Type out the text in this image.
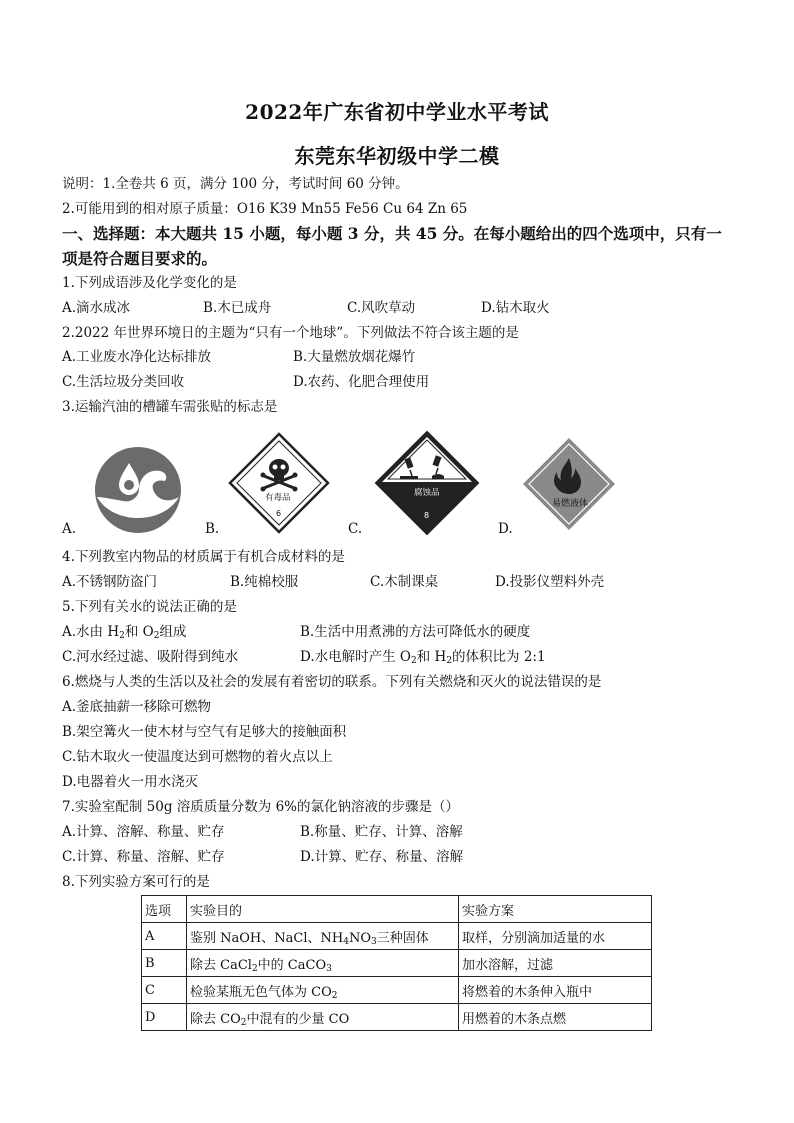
2022年广东省初中学业水平考试
东莞东华初级中学二模
说明：1.全卷共 6 页，满分 100 分，考试时间 60 分钟。
2.可能用到的相对原子质量：O16 K39 Mn55 Fe56 Cu 64 Zn 65
一、选择题：本大题共 15 小题，每小题 3 分，共 45 分。在每小题给出的四个选项中，只有一
项是符合题目要求的。
1.下列成语涉及化学变化的是
A.滴水成冰	B.木已成舟	C.风吹草动	D.钻木取火
2.2022 年世界环境日的主题为“只有一个地球”。下列做法不符合该主题的是
A.工业废水净化达标排放	B.大量燃放烟花爆竹
C.生活垃圾分类回收	D.农药、化肥合理使用
3.运输汽油的槽罐车需张贴的标志是
A.
有毒品
6
B.
腐蚀品
8
C.
易燃液体
D.
4.下列教室内物品的材质属于有机合成材料的是
A.不锈钢防盗门	B.纯棉校服	C.木制课桌	D.投影仪塑料外壳
5.下列有关水的说法正确的是
A.水由 $H_2$和 $O_2$组成	B.生活中用煮沸的方法可降低水的硬度
C.河水经过滤、吸附得到纯水	D.水电解时产生 $O_2$和 $H_2$的体积比为 2:1
6.燃烧与人类的生活以及社会的发展有着密切的联系。下列有关燃烧和灭火的说法错误的是
A.釜底抽薪一移除可燃物
B.架空篝火一使木材与空气有足够大的接触面积
C.钻木取火一使温度达到可燃物的着火点以上
D.电器着火一用水浇灭
7.实验室配制 50g 溶质质量分数为 6%的氯化钠溶液的步骤是（）
A.计算、溶解、称量、贮存	B.称量、贮存、计算、溶解
C.计算、称量、溶解、贮存	D.计算、贮存、称量、溶解
8.下列实验方案可行的是
选项	实验目的	实验方案
A	鉴别 NaOH、NaCl、$NH_4NO_3$三种固体	取样，分别滴加适量的水
B	除去 CaCl$_2$中的 CaCO$_3$	加水溶解，过滤
C	检验某瓶无色气体为 $CO_2$	将燃着的木条伸入瓶中
D	除去 $CO_2$中混有的少量 CO	用燃着的木条点燃
